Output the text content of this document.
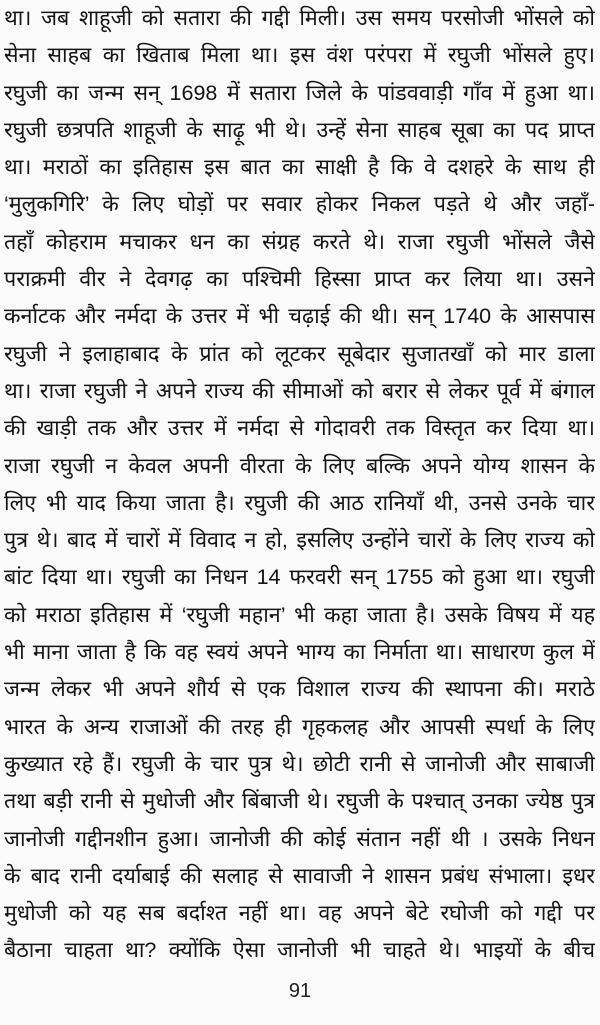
था। जब शाहूजी को सतारा की गद्दी मिली। उस समय परसोजी भोंसले को
सेना साहब का खिताब मिला था। इस वंश परंपरा में रघुजी भोंसले हुए।
रघुजी का जन्म सन् 1698 में सतारा जिले के पांडववाड़ी गाँव में हुआ था।
रघुजी छत्रपति शाहूजी के साढ़ू भी थे। उन्हें सेना साहब सूबा का पद प्राप्त
था। मराठों का इतिहास इस बात का साक्षी है कि वे दशहरे के साथ ही
‘मुलुकगिरि’ के लिए घोड़ों पर सवार होकर निकल पड़ते थे और जहाँ-
तहाँ कोहराम मचाकर धन का संग्रह करते थे। राजा रघुजी भोंसले जैसे
पराक्रमी वीर ने देवगढ़ का पश्चिमी हिस्सा प्राप्त कर लिया था। उसने
कर्नाटक और नर्मदा के उत्तर में भी चढ़ाई की थी। सन् 1740 के आसपास
रघुजी ने इलाहाबाद के प्रांत को लूटकर सूबेदार सुजातखाँ को मार डाला
था। राजा रघुजी ने अपने राज्य की सीमाओं को बरार से लेकर पूर्व में बंगाल
की खाड़ी तक और उत्तर में नर्मदा से गोदावरी तक विस्तृत कर दिया था।
राजा रघुजी न केवल अपनी वीरता के लिए बल्कि अपने योग्य शासन के
लिए भी याद किया जाता है। रघुजी की आठ रानियाँ थी, उनसे उनके चार
पुत्र थे। बाद में चारों में विवाद न हो, इसलिए उन्होंने चारों के लिए राज्य को
बांट दिया था। रघुजी का निधन 14 फरवरी सन् 1755 को हुआ था। रघुजी
को मराठा इतिहास में ‘रघुजी महान’ भी कहा जाता है। उसके विषय में यह
भी माना जाता है कि वह स्वयं अपने भाग्य का निर्माता था। साधारण कुल में
जन्म लेकर भी अपने शौर्य से एक विशाल राज्य की स्थापना की। मराठे
भारत के अन्य राजाओं की तरह ही गृहकलह और आपसी स्पर्धा के लिए
कुख्यात रहे हैं। रघुजी के चार पुत्र थे। छोटी रानी से जानोजी और साबाजी
तथा बड़ी रानी से मुधोजी और बिंबाजी थे। रघुजी के पश्चात् उनका ज्येष्ठ पुत्र
जानोजी गद्दीनशीन हुआ। जानोजी की कोई संतान नहीं थी । उसके निधन
के बाद रानी दर्याबाई की सलाह से सावाजी ने शासन प्रबंध संभाला। इधर
मुधोजी को यह सब बर्दाश्त नहीं था। वह अपने बेटे रघोजी को गद्दी पर
बैठाना चाहता था? क्योंकि ऐसा जानोजी भी चाहते थे। भाइयों के बीच
91
